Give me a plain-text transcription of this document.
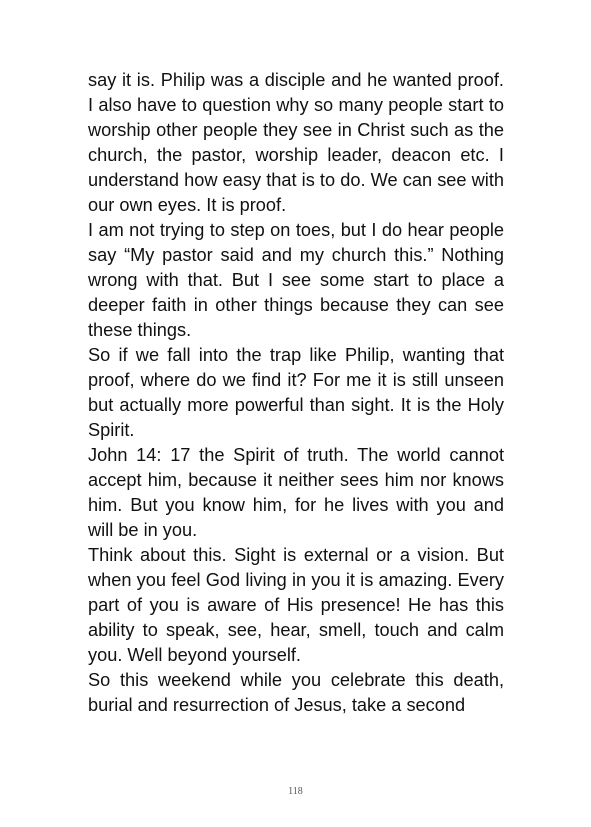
say it is. Philip was a disciple and he wanted proof. I also have to question why so many people start to worship other people they see in Christ such as the church, the pastor, worship leader, deacon etc. I understand how easy that is to do. We can see with our own eyes. It is proof.

I am not trying to step on toes, but I do hear people say “My pastor said and my church this.” Nothing wrong with that. But I see some start to place a deeper faith in other things because they can see these things.

So if we fall into the trap like Philip, wanting that proof, where do we find it? For me it is still unseen but actually more powerful than sight. It is the Holy Spirit.

John 14: 17 the Spirit of truth. The world cannot accept him, because it neither sees him nor knows him. But you know him, for he lives with you and will be in you.

Think about this. Sight is external or a vision. But when you feel God living in you it is amazing. Every part of you is aware of His presence! He has this ability to speak, see, hear, smell, touch and calm you. Well beyond yourself.

So this weekend while you celebrate this death, burial and resurrection of Jesus, take a second

118
